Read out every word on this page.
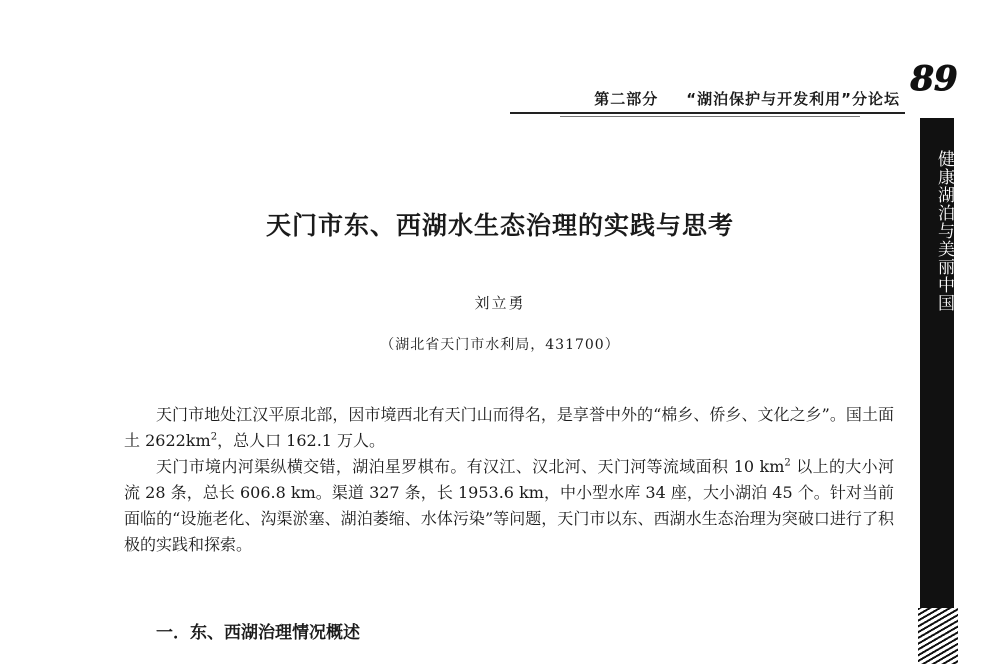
第二部分 “湖泊保护与开发利用”分论坛 89
健康湖泊与美丽中国
天门市东、西湖水生态治理的实践与思考
刘立勇
（湖北省天门市水利局，431700）

天门市地处江汉平原北部，因市境西北有天门山而得名，是享誉中外的“棉乡、侨乡、文化之乡”。国土面土 $2622km^2$，总人口 162.1 万人。

天门市境内河渠纵横交错，湖泊星罗棋布。有汉江、汉北河、天门河等流域面积 10 $km^2$ 以上的大小河流 28 条，总长 606.8 km。渠道 327 条，长 1953.6 km，中小型水库 34 座，大小湖泊 45 个。针对当前面临的“设施老化、沟渠淤塞、湖泊萎缩、水体污染”等问题，天门市以东、西湖水生态治理为突破口进行了积极的实践和探索。

一．东、西湖治理情况概述
